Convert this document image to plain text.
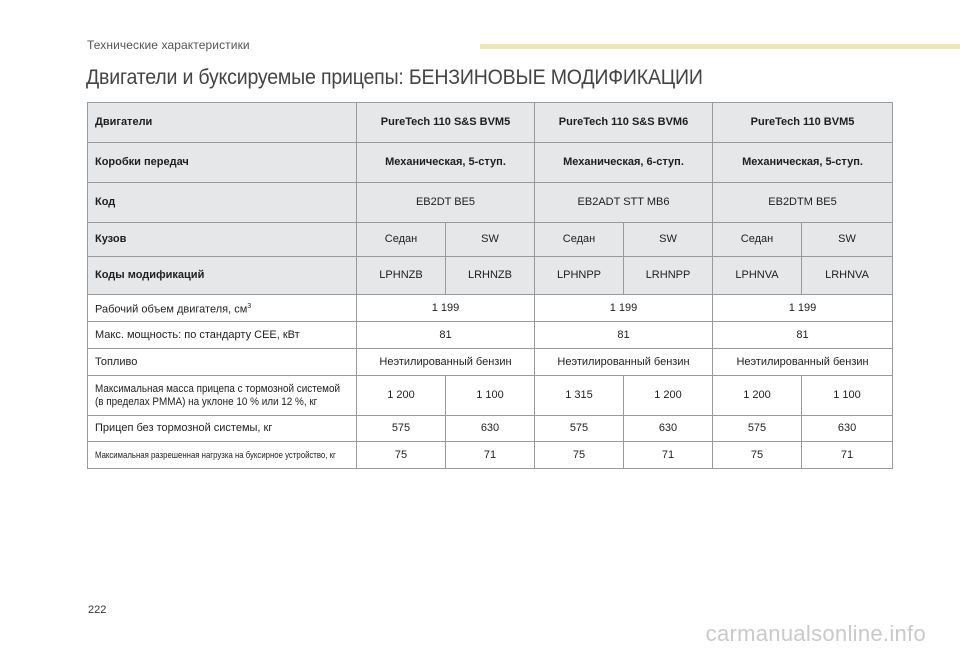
Технические характеристики
Двигатели и буксируемые прицепы: БЕНЗИНОВЫЕ МОДИФИКАЦИИ
Двигатели	PureTech 110 S&S BVM5		PureTech 110 S&S BVM6		PureTech 110 BVM5	
Коробки передач	Механическая, 5-ступ.		Механическая, 6-ступ.		Механическая, 5-ступ.	
Код	EB2DT BE5		EB2ADT STT MB6		EB2DTM BE5	
Кузов	Седан	SW	Седан	SW	Седан	SW
Коды модификаций	LPHNZB	LRHNZB	LPHNPP	LRHNPP	LPHNVA	LRHNVA
Рабочий объем двигателя, $см^3$	1 199		1 199		1 199	
Макс. мощность: по стандарту CEE, кВт	81		81		81	
Топливо	Неэтилированный бензин		Неэтилированный бензин		Неэтилированный бензин	
Максимальная масса прицепа с тормозной системой
(в пределах PMMA) на уклоне 10 % или 12 %, кг	1 200	1 100	1 315	1 200	1 200	1 100
Прицеп без тормозной системы, кг	575	630	575	630	575	630
Максимальная разрешенная нагрузка на буксирное устройство, кг	75	71	75	71	75	71
222
carmanualsonline.info
